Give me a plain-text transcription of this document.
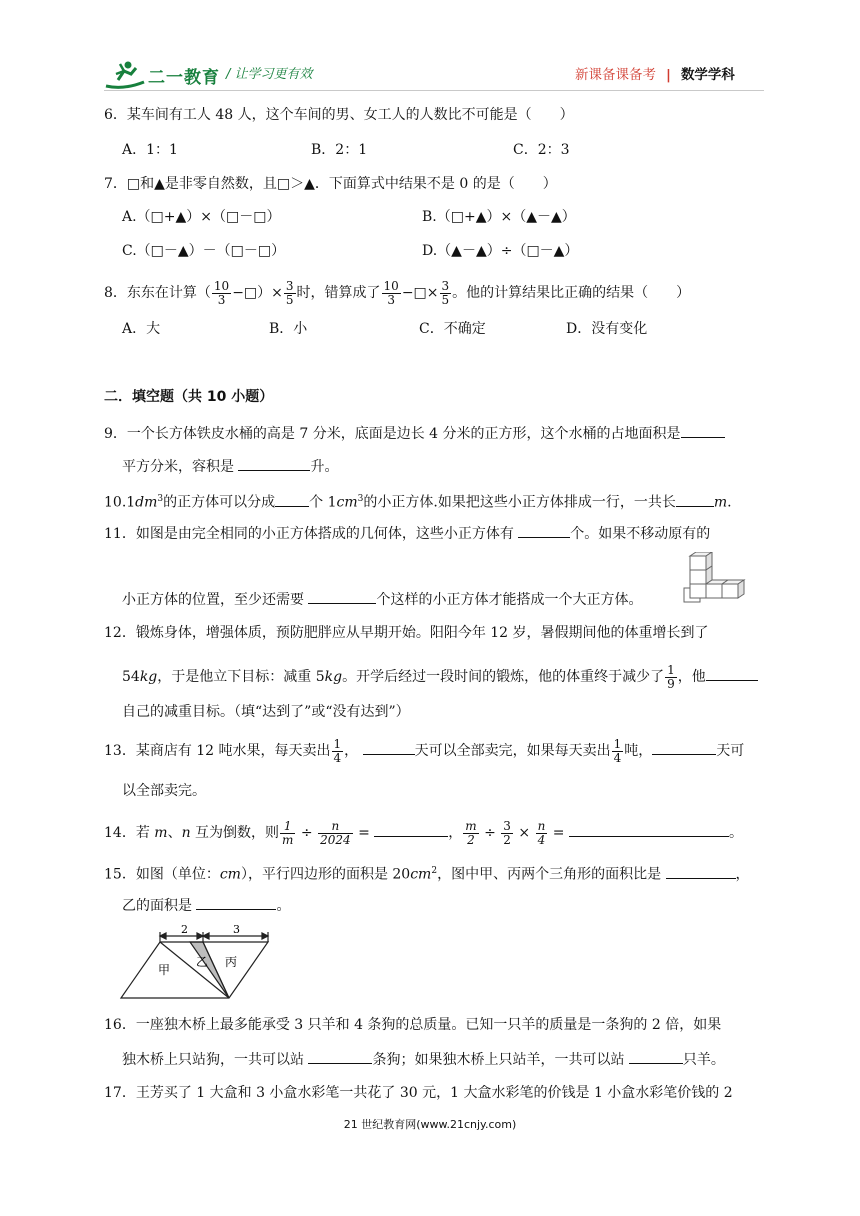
二一教育 / 让学习更有效	新课备课备考 | 数学学科
6．某车间有工人 48 人，这个车间的男、女工人的人数比不可能是（　　）
A．1：1	B．2：1	C．2：3
7．□和▲是非零自然数，且□＞▲．下面算式中结果不是 0 的是（　　）
A.（□+▲）×（□－□）	B.（□+▲）×（▲－▲）
C.（□－▲）－（□－□）	D.（▲－▲）÷（□－▲）
8．东东在计算（ $\frac{10}{3}$ −□）× $\frac{3}{5}$ 时，错算成了 $\frac{10}{3}$ −□× $\frac{3}{5}$ 。他的计算结果比正确的结果（　　）
A．大	B．小	C．不确定	D．没有变化
二．填空题（共 10 小题）
9．一个长方体铁皮水桶的高是 7 分米，底面是边长 4 分米的正方形，这个水桶的占地面积是
平方分米，容积是	升。
$10.1dm^3$的正方体可以分成 个 $1cm^3$的小正方体.如果把这些小正方体排成一行，一共长	m.
11．如图是由完全相同的小正方体搭成的几何体，这些小正方体有	个。如果不移动原有的
小正方体的位置，至少还需要	个这样的小正方体才能搭成一个大正方体。
12．锻炼身体，增强体质，预防肥胖应从早期开始。阳阳今年 12 岁，暑假期间他的体重增长到了
54kg，于是他立下目标：减重 5kg。开学后经过一段时间的锻炼，他的体重终于减少了 $\frac{1}{9}$ ，他
自己的减重目标。（填“达到了”或“没有达到”）
13．某商店有 12 吨水果，每天卖出 $\frac{1}{4}$ ，	天可以全部卖完，如果每天卖出 $\frac{1}{4}$ 吨，	天可
以全部卖完。
14．若 m、n 互为倒数，则 $\frac{1}{m} \div \frac{n}{2024}$ =	， $\frac{m}{2} \div \frac{3}{2} \times \frac{n}{4}$ =	。
15．如图（单位：cm），平行四边形的面积是 $20cm^2$，图中甲、丙两个三角形的面积比是	，
乙的面积是	。
2	3
甲
乙 丙
16．一座独木桥上最多能承受 3 只羊和 4 条狗的总质量。已知一只羊的质量是一条狗的 2 倍，如果
独木桥上只站狗，一共可以站	条狗；如果独木桥上只站羊，一共可以站	只羊。
17．王芳买了 1 大盒和 3 小盒水彩笔一共花了 30 元，1 大盒水彩笔的价钱是 1 小盒水彩笔价钱的 2
21 世纪教育网(www.21cnjy.com)
